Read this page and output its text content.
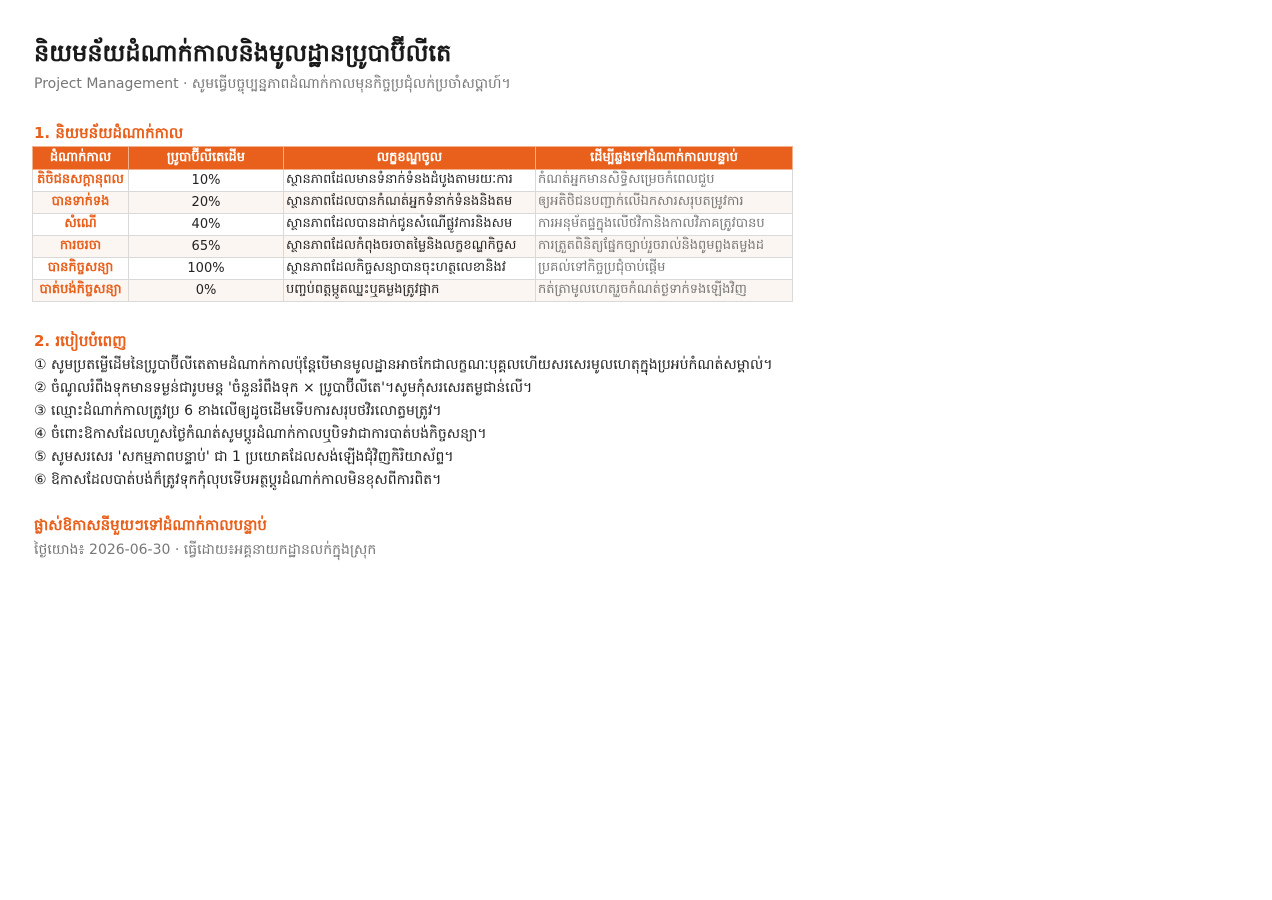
និយមន័យដំណាក់កាលនិងមូលដ្ឋានប្រូបាប៊ីលីតេ
Project Management · សូមធ្វើបច្ចុប្បន្នភាពដំណាក់កាលមុនកិច្ចប្រជុំលក់ប្រចាំសប្តាហ៍។
1. និយមន័យដំណាក់កាល
ដំណាក់កាល	ប្រូបាប៊ីលីតេដើម	លក្ខខណ្ឌចូល	ដើម្បីឆ្លងទៅដំណាក់កាលបន្ទាប់
តិចិជនសក្តានុពល	10%	ស្ថានភាពដែលមានទំនាក់ទំនងដំបូងតាមរយៈការ	កំណត់អ្នកមានសិទ្ធិសម្រេចកំពេលជួប
បានទាក់ទង	20%	ស្ថានភាពដែលបានកំណត់អ្នកទំនាក់ទំនងនិងតម	ឲ្យអតិថិជនបញ្ជាក់លើឯកសារសរុបតម្រូវការ
សំណើ	40%	ស្ថានភាពដែលបានដាក់ជូនសំណើផ្លូវការនិងសម	ការអនុម័តផ្ទក្នុងលើថវិកានិងកាលវិភាគត្រូវបានប
ការចរចា	65%	ស្ថានភាពដែលកំពុងចរចាតម្លៃនិងលក្ខខណ្ឌកិច្ចស	ការត្រួតពិនិត្យផ្នែកច្បាប់រួចរាល់និងពូមព្ចងតម្ចងដ
បានកិច្ចសន្យា	100%	ស្ថានភាពដែលកិច្ចសន្យាបានចុះហត្ថលេខានិងវ	ប្រគល់ទៅកិច្ចប្រជុំចាប់ផ្តើម
បាត់បង់កិច្ចសន្យា	0%	បញ្ចប់ពត្តម្កូតឈ្នះឬគម្ងងត្រូវផ្អាក	កត់ត្រាមូលហេតុរួចកំណត់ថ្ងទាក់ទងឡើងវិញ
2. របៀបបំពេញ
① សូមប្រតម្លើដើមនៃប្រូបាប៊ីលីតេតាមដំណាក់កាលប៉ុន្តែបើមានមូលដ្ឋានអាចកែជាលក្ខណៈបុគ្គលហើយសរសេរមូលហេតុក្នុងប្រអប់កំណត់សម្គាល់។
② ចំណូលរំពឹងទុកមានទម្ងន់ជារូបមន្ត 'ចំនួនរំពឹងទុក × ប្រូបាប៊ីលីតេ'។សូមកុំសរសេរតម្ងជាន់លើ។
③ ឈ្មោះដំណាក់កាលត្រូវប្រ 6 ខាងលើឲ្យដូចដើមទើបការសរុបថវិរលោត្ធមត្រូវ។
④ ចំពោះឱកាសដែលហួសថ្ងៃកំណត់សូមប្តូរដំណាក់កាលឬបិទវាជាការបាត់បង់កិច្ចសន្យា។
⑤ សូមសរសេរ 'សកម្មភាពបន្ទាប់' ជា 1 ប្រយោគដែលសង់ឡើងជុំវិញកិរិយាស័ព្ទ។
⑥ ឱកាសដែលបាត់បង់ក៏ត្រូវទុកកុំលុបទើបអត្ថប្តូរដំណាក់កាលមិនខុសពីការពិត។
ផ្លាស់ឱកាសនីមួយៗទៅដំណាក់កាលបន្ទាប់
ថ្ងៃយោង៖ 2026-06-30 · ធ្វើដោយ៖អគ្គនាយកដ្ឋានលក់ក្នុងស្រុក
